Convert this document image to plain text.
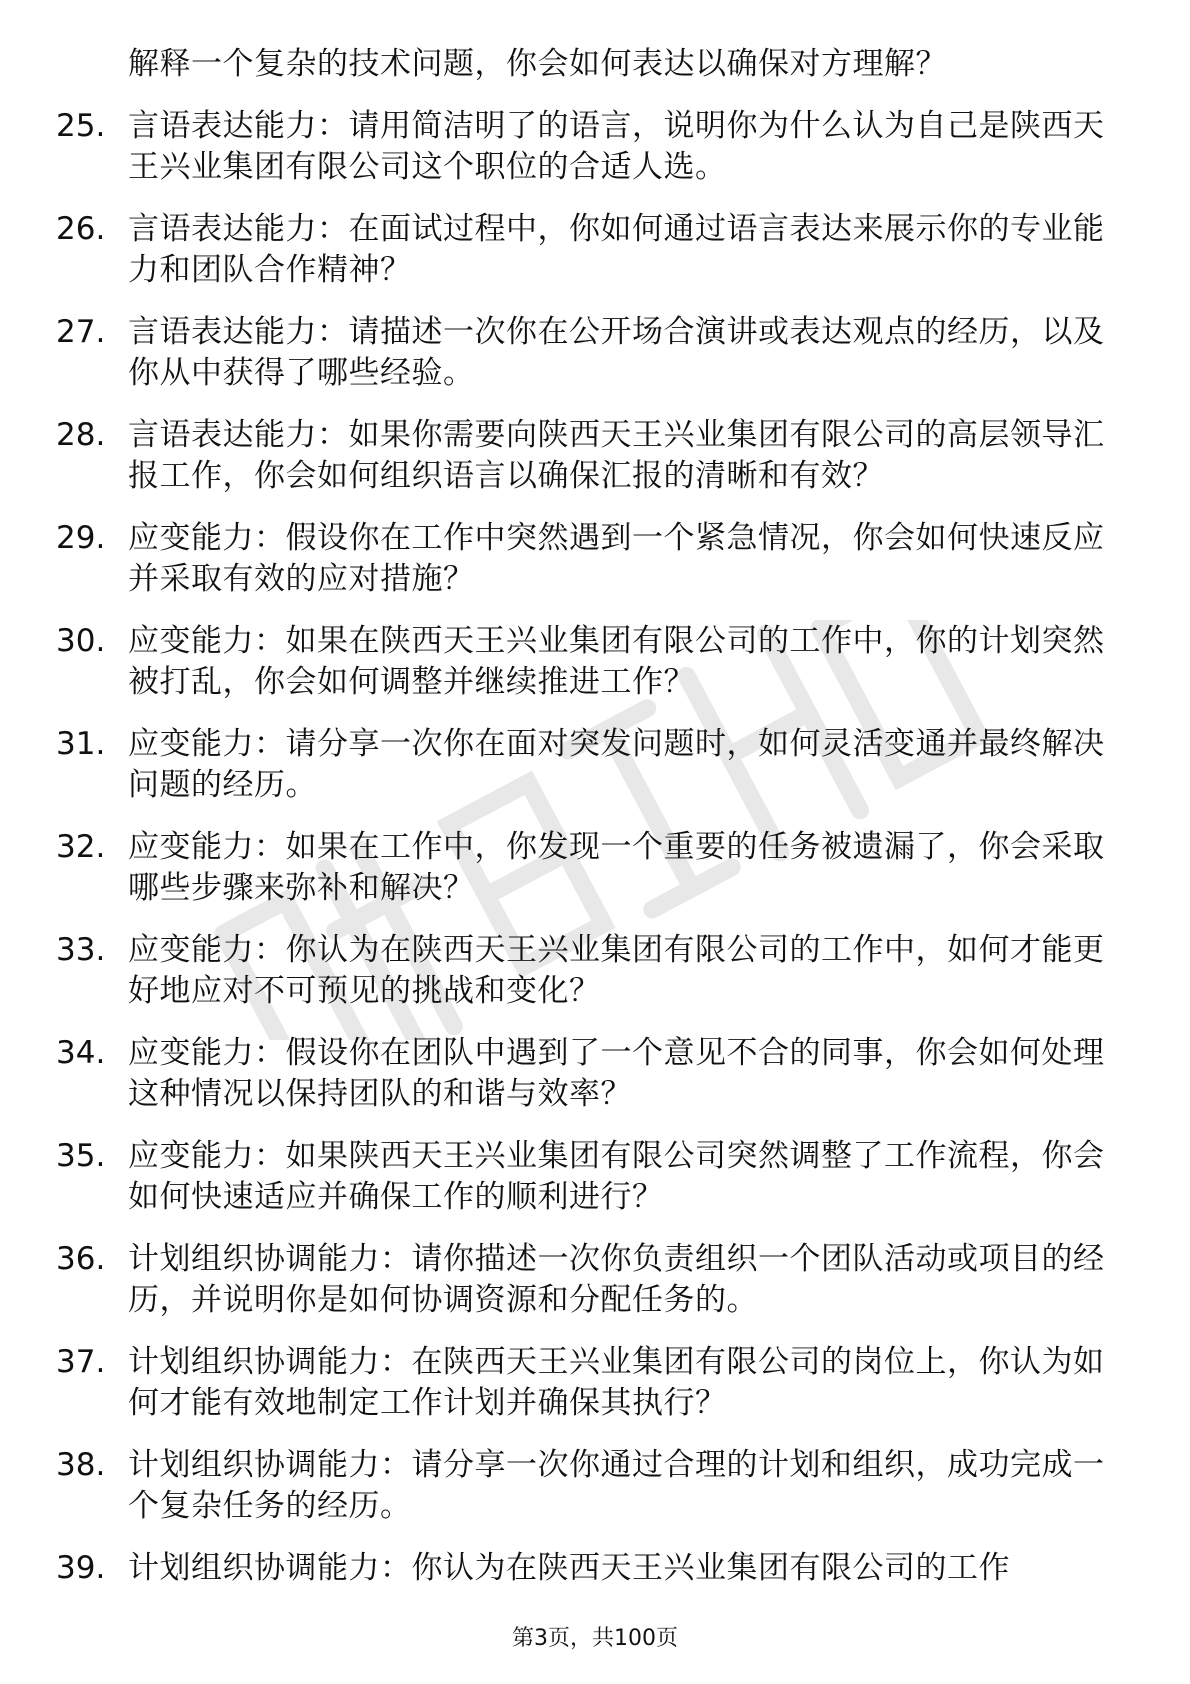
解释一个复杂的技术问题，你会如何表达以确保对方理解？
25. 言语表达能力：请用简洁明了的语言，说明你为什么认为自己是陕西天王兴业集团有限公司这个职位的合适人选。
26. 言语表达能力：在面试过程中，你如何通过语言表达来展示你的专业能力和团队合作精神？
27. 言语表达能力：请描述一次你在公开场合演讲或表达观点的经历，以及你从中获得了哪些经验。
28. 言语表达能力：如果你需要向陕西天王兴业集团有限公司的高层领导汇报工作，你会如何组织语言以确保汇报的清晰和有效？
29. 应变能力：假设你在工作中突然遇到一个紧急情况，你会如何快速反应并采取有效的应对措施？
30. 应变能力：如果在陕西天王兴业集团有限公司的工作中，你的计划突然被打乱，你会如何调整并继续推进工作？
31. 应变能力：请分享一次你在面对突发问题时，如何灵活变通并最终解决问题的经历。
32. 应变能力：如果在工作中，你发现一个重要的任务被遗漏了，你会采取哪些步骤来弥补和解决？
33. 应变能力：你认为在陕西天王兴业集团有限公司的工作中，如何才能更好地应对不可预见的挑战和变化？
34. 应变能力：假设你在团队中遇到了一个意见不合的同事，你会如何处理这种情况以保持团队的和谐与效率？
35. 应变能力：如果陕西天王兴业集团有限公司突然调整了工作流程，你会如何快速适应并确保工作的顺利进行？
36. 计划组织协调能力：请你描述一次你负责组织一个团队活动或项目的经历，并说明你是如何协调资源和分配任务的。
37. 计划组织协调能力：在陕西天王兴业集团有限公司的岗位上，你认为如何才能有效地制定工作计划并确保其执行？
38. 计划组织协调能力：请分享一次你通过合理的计划和组织，成功完成一个复杂任务的经历。
39. 计划组织协调能力：你认为在陕西天王兴业集团有限公司的工作
第3页，共100页
